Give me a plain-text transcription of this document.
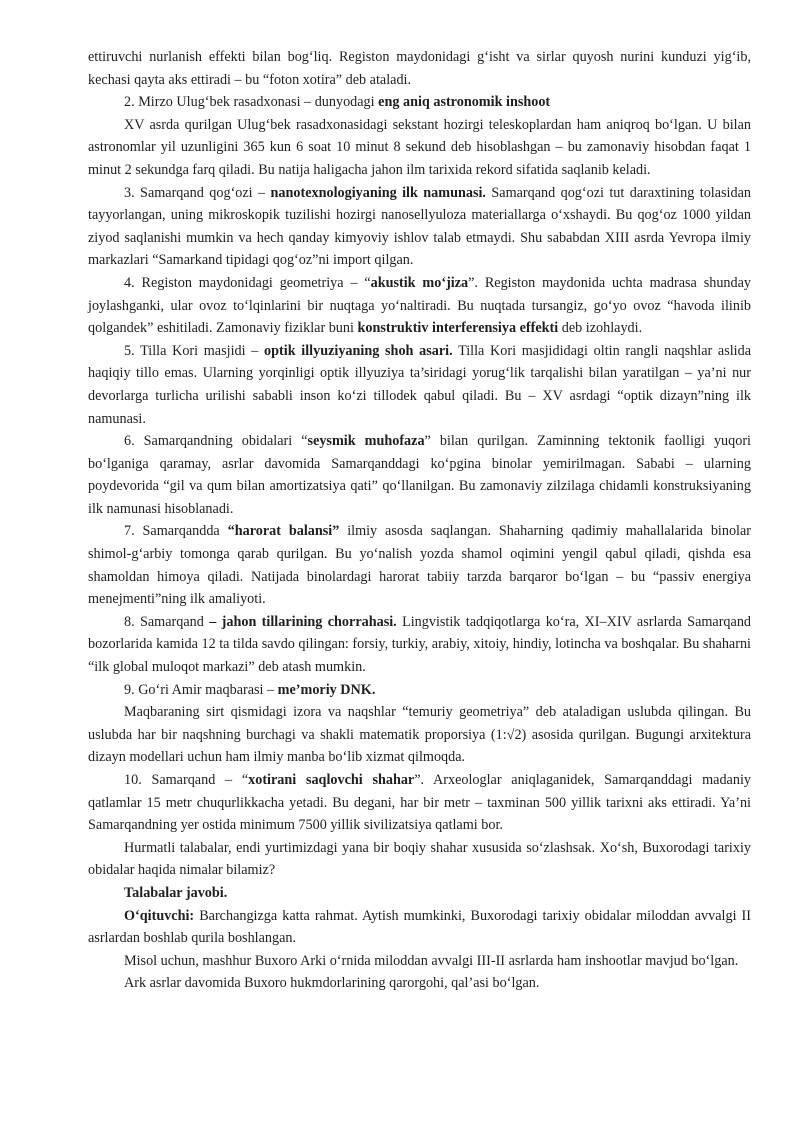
ettiruvchi nurlanish effekti bilan bog‘liq. Registon maydonidagi g‘isht va sirlar quyosh nurini kunduzi yig‘ib, kechasi qayta aks ettiradi – bu “foton xotira” deb ataladi.

2. Mirzo Ulug‘bek rasadxonasi – dunyodagi eng aniq astronomik inshoot

XV asrda qurilgan Ulug‘bek rasadxonasidagi sekstant hozirgi teleskoplardan ham aniqroq bo‘lgan. U bilan astronomlar yil uzunligini 365 kun 6 soat 10 minut 8 sekund deb hisoblashgan – bu zamonaviy hisobdan faqat 1 minut 2 sekundga farq qiladi. Bu natija haligacha jahon ilm tarixida rekord sifatida saqlanib keladi.

3. Samarqand qog‘ozi – nanotexnologiyaning ilk namunasi. Samarqand qog‘ozi tut daraxtining tolasidan tayyorlangan, uning mikroskopik tuzilishi hozirgi nanosellyuloza materiallarga o‘xshaydi. Bu qog‘oz 1000 yildan ziyod saqlanishi mumkin va hech qanday kimyoviy ishlov talab etmaydi. Shu sababdan XIII asrda Yevropa ilmiy markazlari “Samarkand tipidagi qog‘oz”ni import qilgan.

4. Registon maydonidagi geometriya – “akustik mo‘jiza”. Registon maydonida uchta madrasa shunday joylashganki, ular ovoz to‘lqinlarini bir nuqtaga yo‘naltiradi. Bu nuqtada tursangiz, go‘yo ovoz “havoda ilinib qolgandek” eshitiladi. Zamonaviy fiziklar buni konstruktiv interferensiya effekti deb izohlaydi.

5. Tilla Kori masjidi – optik illyuziyaning shoh asari. Tilla Kori masjididagi oltin rangli naqshlar aslida haqiqiy tillo emas. Ularning yorqinligi optik illyuziya ta’siridagi yorug‘lik tarqalishi bilan yaratilgan – ya’ni nur devorlarga turlicha urilishi sababli inson ko‘zi tillodek qabul qiladi. Bu – XV asrdagi “optik dizayn”ning ilk namunasi.

6. Samarqandning obidalari “seysmik muhofaza” bilan qurilgan. Zaminning tektonik faolligi yuqori bo‘lganiga qaramay, asrlar davomida Samarqanddagi ko‘pgina binolar yemirilmagan. Sababi – ularning poydevorida “gil va qum bilan amortizatsiya qati” qo‘llanilgan. Bu zamonaviy zilzilaga chidamli konstruksiyaning ilk namunasi hisoblanadi.

7. Samarqandda “harorat balansi” ilmiy asosda saqlangan. Shaharning qadimiy mahallalarida binolar shimol-g‘arbiy tomonga qarab qurilgan. Bu yo‘nalish yozda shamol oqimini yengil qabul qiladi, qishda esa shamoldan himoya qiladi. Natijada binolardagi harorat tabiiy tarzda barqaror bo‘lgan – bu “passiv energiya menejmenti”ning ilk amaliyoti.

8. Samarqand – jahon tillarining chorrahasi. Lingvistik tadqiqotlarga ko‘ra, XI–XIV asrlarda Samarqand bozorlarida kamida 12 ta tilda savdo qilingan: forsiy, turkiy, arabiy, xitoiy, hindiy, lotincha va boshqalar. Bu shaharni “ilk global muloqot markazi” deb atash mumkin.

9. Go‘ri Amir maqbarasi – me’moriy DNK.

Maqbaraning sirt qismidagi izora va naqshlar “temuriy geometriya” deb ataladigan uslubda qilingan. Bu uslubda har bir naqshning burchagi va shakli matematik proporsiya (1:√2) asosida qurilgan. Bugungi arxitektura dizayn modellari uchun ham ilmiy manba bo‘lib xizmat qilmoqda.

10. Samarqand – “xotirani saqlovchi shahar”. Arxeologlar aniqlaganidek, Samarqanddagi madaniy qatlamlar 15 metr chuqurlikkacha yetadi. Bu degani, har bir metr – taxminan 500 yillik tarixni aks ettiradi. Ya’ni Samarqandning yer ostida minimum 7500 yillik sivilizatsiya qatlami bor.

Hurmatli talabalar, endi yurtimizdagi yana bir boqiy shahar xususida so‘zlashsak. Xo‘sh, Buxorodagi tarixiy obidalar haqida nimalar bilamiz?

Talabalar javobi.

O‘qituvchi: Barchangizga katta rahmat. Aytish mumkinki, Buxorodagi tarixiy obidalar miloddan avvalgi II asrlardan boshlab qurila boshlangan.

Misol uchun, mashhur Buxoro Arki o‘rnida miloddan avvalgi III-II asrlarda ham inshootlar mavjud bo‘lgan.

Ark asrlar davomida Buxoro hukmdorlarining qarorgohi, qal’asi bo‘lgan.
